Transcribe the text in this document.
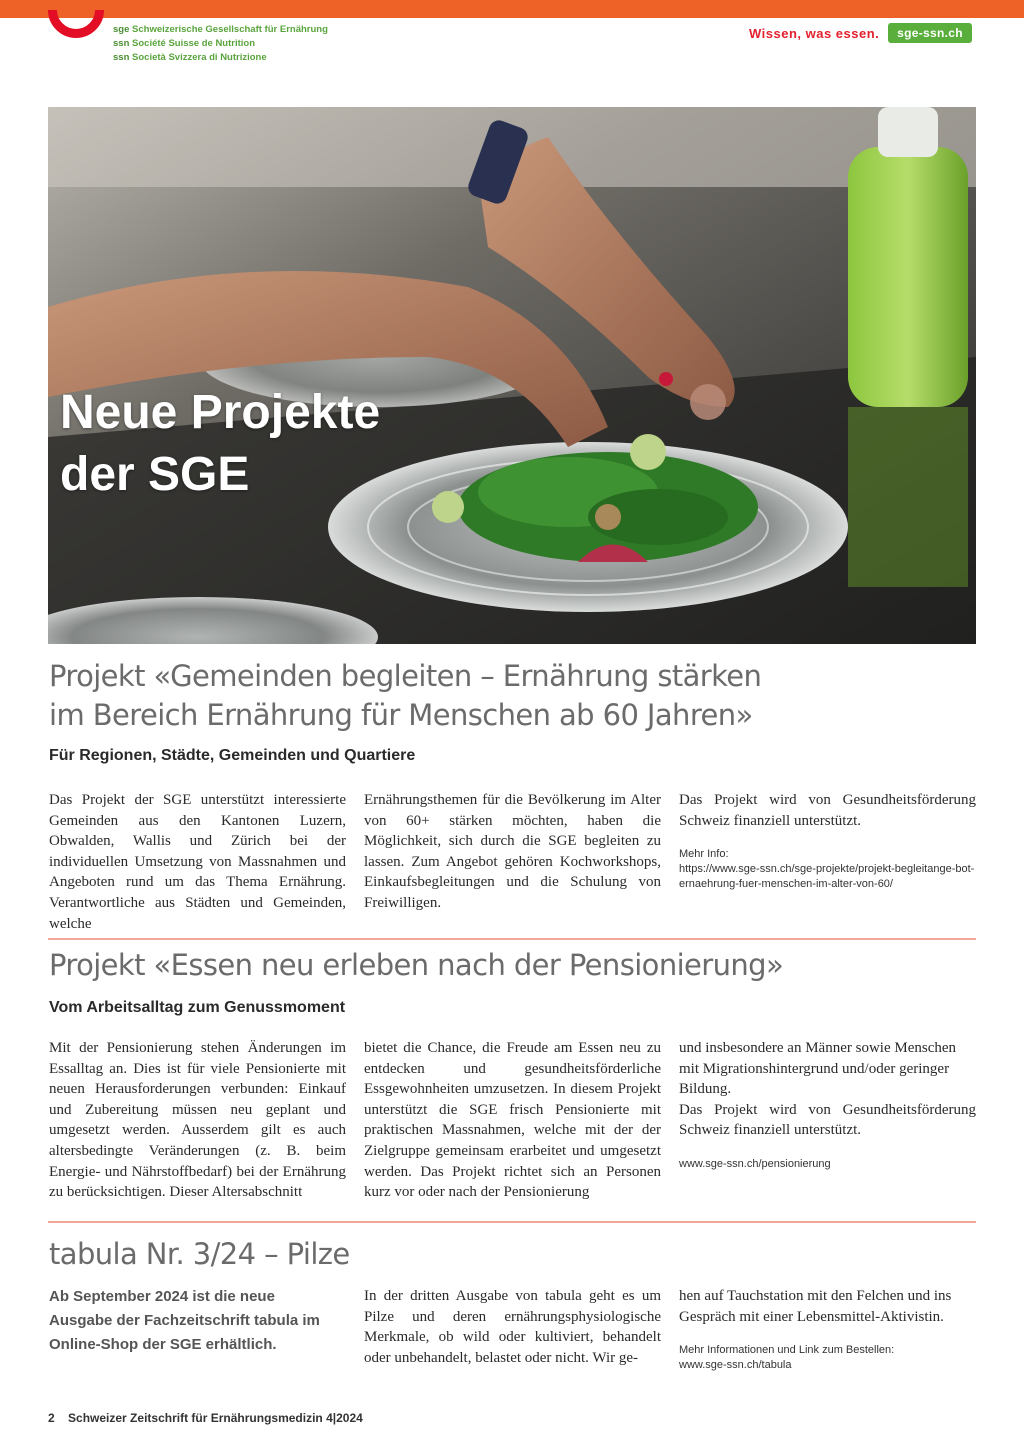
sge Schweizerische Gesellschaft für Ernährung
ssn Société Suisse de Nutrition
ssn Società Svizzera di Nutrizione
Wissen, was essen.	sge-ssn.ch
Neue Projekte
der SGE
Projekt «Gemeinden begleiten – Ernährung stärken
im Bereich Ernährung für Menschen ab 60 Jahren»
Für Regionen, Städte, Gemeinden und Quartiere
Das Projekt der SGE unterstützt interessierte Gemeinden aus den Kantonen Luzern, Obwalden, Wallis und Zürich bei der individuellen Umsetzung von Massnahmen und Angeboten rund um das Thema Ernährung. Verantwortliche aus Städten und Gemeinden, welche
Ernährungsthemen für die Bevölkerung im Alter von 60+ stärken möchten, haben die Möglichkeit, sich durch die SGE begleiten zu lassen. Zum Angebot gehören Kochworkshops, Einkaufsbegleitungen und die Schulung von Freiwilligen.
Das Projekt wird von Gesundheitsförderung Schweiz finanziell unterstützt.
Mehr Info:
https://www.sge-ssn.ch/sge-projekte/projekt-begleitange-bot-ernaehrung-fuer-menschen-im-alter-von-60/
Projekt «Essen neu erleben nach der Pensionierung»
Vom Arbeitsalltag zum Genussmoment
Mit der Pensionierung stehen Änderungen im Essalltag an. Dies ist für viele Pensionierte mit neuen Herausforderungen verbunden: Einkauf und Zubereitung müssen neu geplant und umgesetzt werden. Ausserdem gilt es auch altersbedingte Veränderungen (z. B. beim Energie- und Nährstoffbedarf) bei der Ernährung zu berücksichtigen. Dieser Altersabschnitt
bietet die Chance, die Freude am Essen neu zu entdecken und gesundheitsförderliche Essgewohnheiten umzusetzen. In diesem Projekt unterstützt die SGE frisch Pensionierte mit praktischen Massnahmen, welche mit der der Zielgruppe gemeinsam erarbeitet und umgesetzt werden. Das Projekt richtet sich an Personen kurz vor oder nach der Pensionierung
und insbesondere an Männer sowie Menschen mit Migrationshintergrund und/oder geringer Bildung.
Das Projekt wird von Gesundheitsförderung Schweiz finanziell unterstützt.
www.sge-ssn.ch/pensionierung
tabula Nr. 3/24 – Pilze
Ab September 2024 ist die neue Ausgabe der Fachzeitschrift tabula im Online-Shop der SGE erhältlich.
In der dritten Ausgabe von tabula geht es um Pilze und deren ernährungsphysiologische Merkmale, ob wild oder kultiviert, behandelt oder unbehandelt, belastet oder nicht. Wir ge-
hen auf Tauchstation mit den Felchen und ins Gespräch mit einer Lebensmittel-Aktivistin.
Mehr Informationen und Link zum Bestellen:
www.sge-ssn.ch/tabula
2 Schweizer Zeitschrift für Ernährungsmedizin 4|2024
